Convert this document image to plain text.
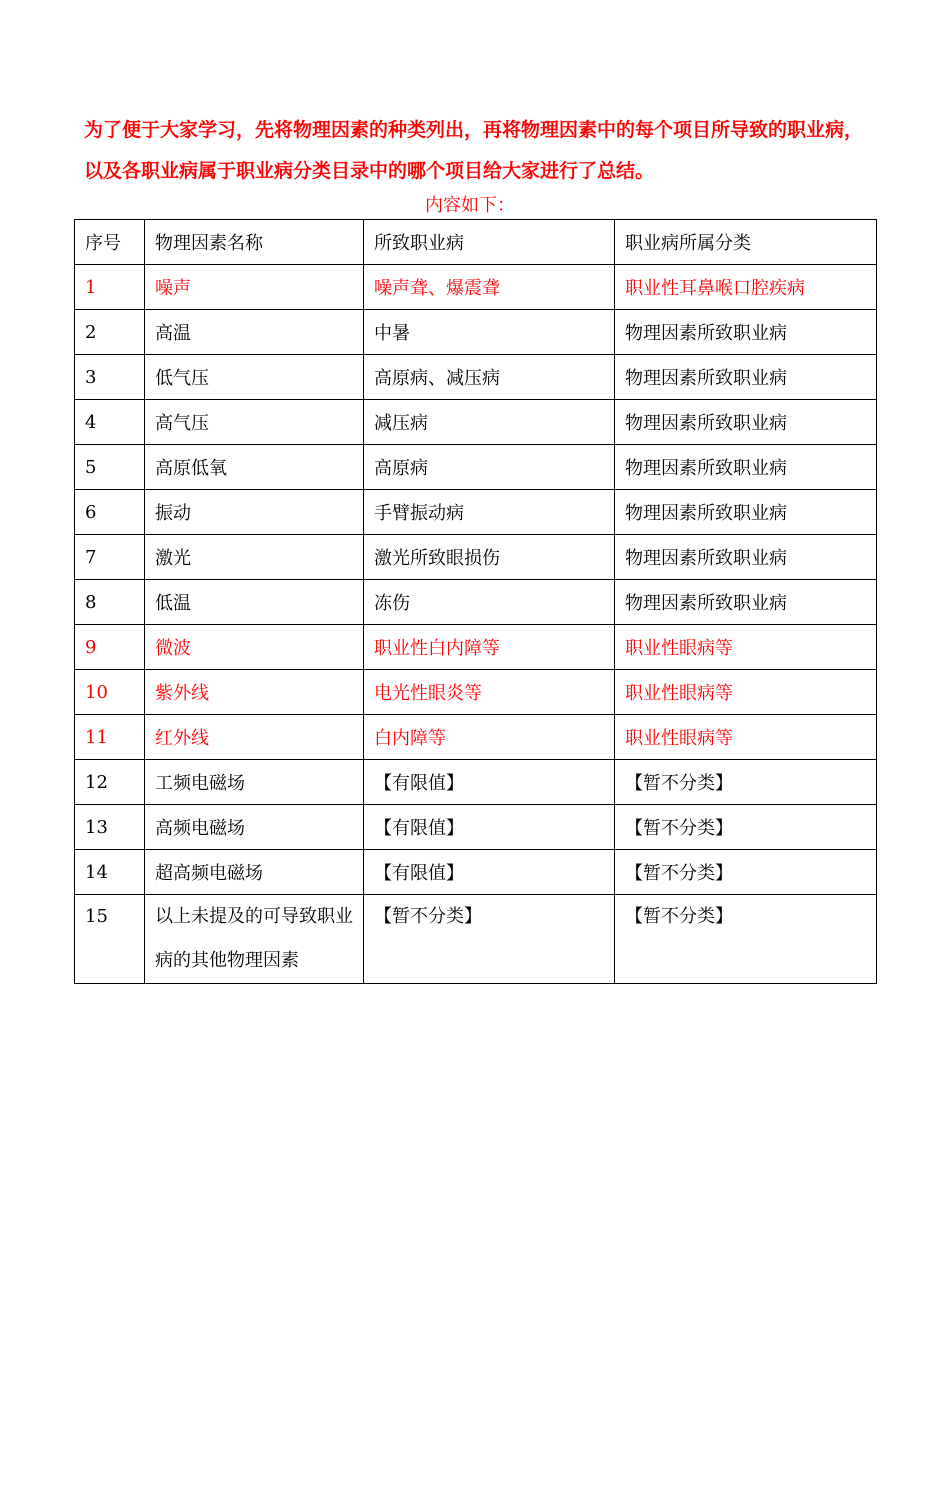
为了便于大家学习，先将物理因素的种类列出，再将物理因素中的每个项目所导致的职业病，以及各职业病属于职业病分类目录中的哪个项目给大家进行了总结。
内容如下：
序号	物理因素名称	所致职业病	职业病所属分类
1	噪声	噪声聋、爆震聋	职业性耳鼻喉口腔疾病
2	高温	中暑	物理因素所致职业病
3	低气压	高原病、减压病	物理因素所致职业病
4	高气压	减压病	物理因素所致职业病
5	高原低氧	高原病	物理因素所致职业病
6	振动	手臂振动病	物理因素所致职业病
7	激光	激光所致眼损伤	物理因素所致职业病
8	低温	冻伤	物理因素所致职业病
9	微波	职业性白内障等	职业性眼病等
10	紫外线	电光性眼炎等	职业性眼病等
11	红外线	白内障等	职业性眼病等
12	工频电磁场	【有限值】	【暂不分类】
13	高频电磁场	【有限值】	【暂不分类】
14	超高频电磁场	【有限值】	【暂不分类】
15	以上未提及的可导致职业病的其他物理因素	【暂不分类】	【暂不分类】
